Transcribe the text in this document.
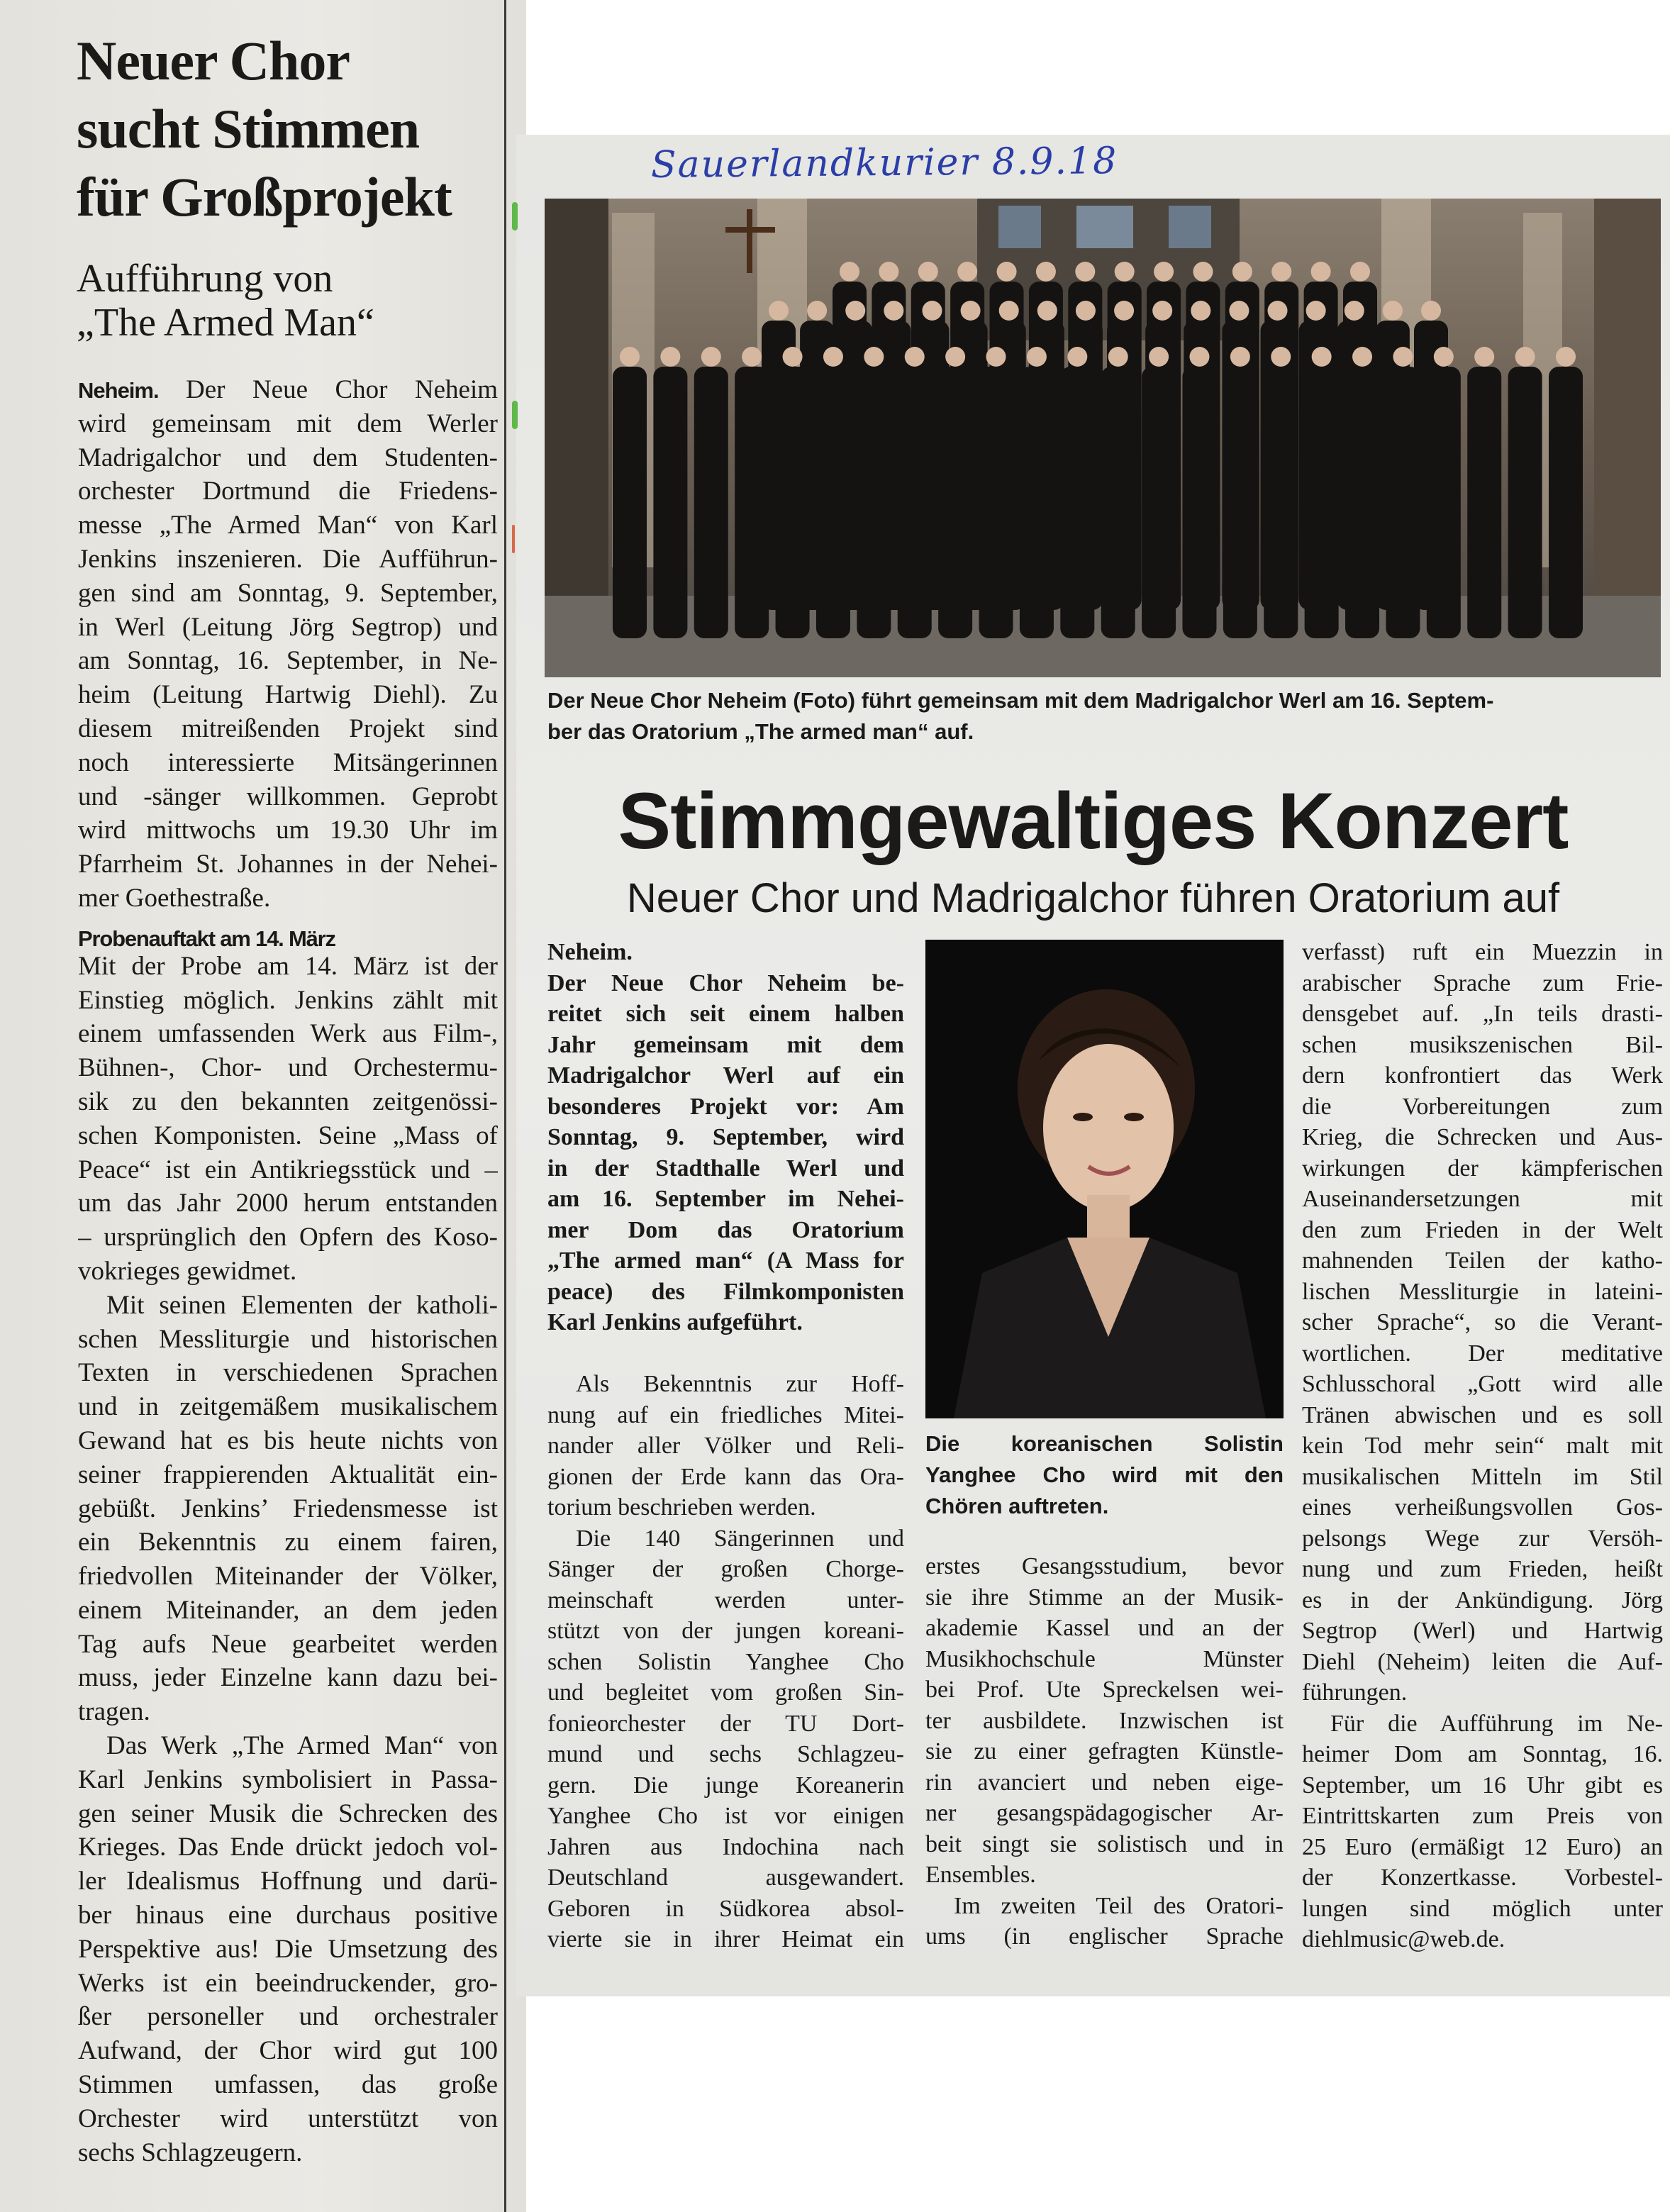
Neuer Chor
sucht Stimmen
für Großprojekt
Aufführung von
„The Armed Man“
Neheim. Der Neue Chor Neheim
wird gemeinsam mit dem Werler
Madrigalchor und dem Studenten-
orchester Dortmund die Friedens-
messe „The Armed Man“ von Karl
Jenkins inszenieren. Die Aufführun-
gen sind am Sonntag, 9. September,
in Werl (Leitung Jörg Segtrop) und
am Sonntag, 16. September, in Ne-
heim (Leitung Hartwig Diehl). Zu
diesem mitreißenden Projekt sind
noch interessierte Mitsängerinnen
und -sänger willkommen. Geprobt
wird mittwochs um 19.30 Uhr im
Pfarrheim St. Johannes in der Nehei-
mer Goethestraße.
Probenauftakt am 14. März
Mit der Probe am 14. März ist der
Einstieg möglich. Jenkins zählt mit
einem umfassenden Werk aus Film-,
Bühnen-, Chor- und Orchestermu-
sik zu den bekannten zeitgenössi-
schen Komponisten. Seine „Mass of
Peace“ ist ein Antikriegsstück und –
um das Jahr 2000 herum entstanden
– ursprünglich den Opfern des Koso-
vokrieges gewidmet.
Mit seinen Elementen der katholi-
schen Messliturgie und historischen
Texten in verschiedenen Sprachen
und in zeitgemäßem musikalischem
Gewand hat es bis heute nichts von
seiner frappierenden Aktualität ein-
gebüßt. Jenkins’ Friedensmesse ist
ein Bekenntnis zu einem fairen,
friedvollen Miteinander der Völker,
einem Miteinander, an dem jeden
Tag aufs Neue gearbeitet werden
muss, jeder Einzelne kann dazu bei-
tragen.
Das Werk „The Armed Man“ von
Karl Jenkins symbolisiert in Passa-
gen seiner Musik die Schrecken des
Krieges. Das Ende drückt jedoch vol-
ler Idealismus Hoffnung und darü-
ber hinaus eine durchaus positive
Perspektive aus! Die Umsetzung des
Werks ist ein beeindruckender, gro-
ßer personeller und orchestraler
Aufwand, der Chor wird gut 100
Stimmen umfassen, das große
Orchester wird unterstützt von
sechs Schlagzeugern.
Sauerlandkurier 8.9.18
Der Neue Chor Neheim (Foto) führt gemeinsam mit dem Madrigalchor Werl am 16. Septem-
ber das Oratorium „The armed man“ auf.
Stimmgewaltiges Konzert
Neuer Chor und Madrigalchor führen Oratorium auf
Neheim.
Der Neue Chor Neheim be-
reitet sich seit einem halben
Jahr gemeinsam mit dem
Madrigalchor Werl auf ein
besonderes Projekt vor: Am
Sonntag, 9. September, wird
in der Stadthalle Werl und
am 16. September im Nehei-
mer Dom das Oratorium
„The armed man“ (A Mass for
peace) des Filmkomponisten
Karl Jenkins aufgeführt.
Als Bekenntnis zur Hoff-
nung auf ein friedliches Mitei-
nander aller Völker und Reli-
gionen der Erde kann das Ora-
torium beschrieben werden.
Die 140 Sängerinnen und
Sänger der großen Chorge-
meinschaft werden unter-
stützt von der jungen koreani-
schen Solistin Yanghee Cho
und begleitet vom großen Sin-
fonieorchester der TU Dort-
mund und sechs Schlagzeu-
gern. Die junge Koreanerin
Yanghee Cho ist vor einigen
Jahren aus Indochina nach
Deutschland ausgewandert.
Geboren in Südkorea absol-
vierte sie in ihrer Heimat ein
Die koreanischen Solistin
Yanghee Cho wird mit den
Chören auftreten.
erstes Gesangsstudium, bevor
sie ihre Stimme an der Musik-
akademie Kassel und an der
Musikhochschule Münster
bei Prof. Ute Spreckelsen wei-
ter ausbildete. Inzwischen ist
sie zu einer gefragten Künstle-
rin avanciert und neben eige-
ner gesangspädagogischer Ar-
beit singt sie solistisch und in
Ensembles.
Im zweiten Teil des Oratori-
ums (in englischer Sprache
verfasst) ruft ein Muezzin in
arabischer Sprache zum Frie-
densgebet auf. „In teils drasti-
schen musikszenischen Bil-
dern konfrontiert das Werk
die Vorbereitungen zum
Krieg, die Schrecken und Aus-
wirkungen der kämpferischen
Auseinandersetzungen mit
den zum Frieden in der Welt
mahnenden Teilen der katho-
lischen Messliturgie in lateini-
scher Sprache“, so die Verant-
wortlichen. Der meditative
Schlusschoral „Gott wird alle
Tränen abwischen und es soll
kein Tod mehr sein“ malt mit
musikalischen Mitteln im Stil
eines verheißungsvollen Gos-
pelsongs Wege zur Versöh-
nung und zum Frieden, heißt
es in der Ankündigung. Jörg
Segtrop (Werl) und Hartwig
Diehl (Neheim) leiten die Auf-
führungen.
Für die Aufführung im Ne-
heimer Dom am Sonntag, 16.
September, um 16 Uhr gibt es
Eintrittskarten zum Preis von
25 Euro (ermäßigt 12 Euro) an
der Konzertkasse. Vorbestel-
lungen sind möglich unter
diehlmusic@web.de.
